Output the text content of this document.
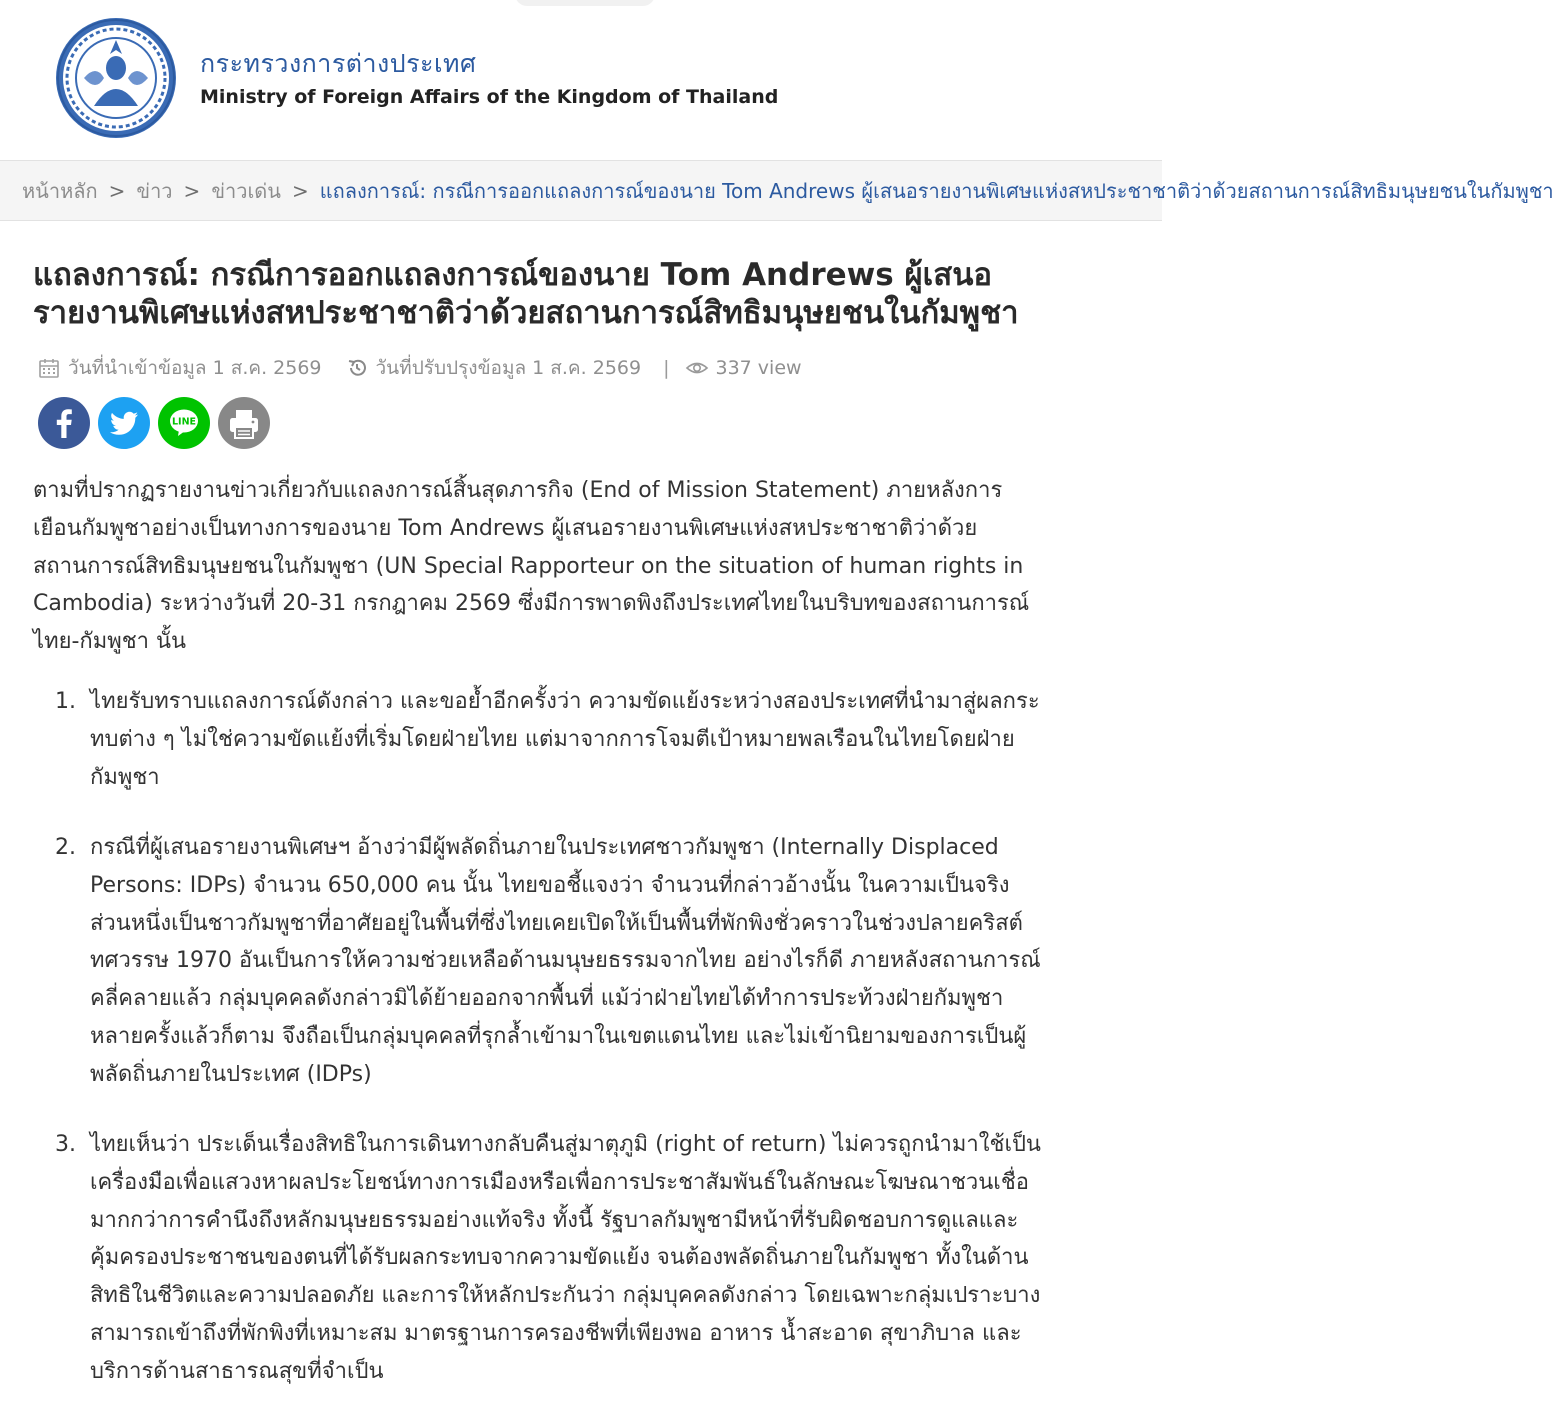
กระทรวงการต่างประเทศ
Ministry of Foreign Affairs of the Kingdom of Thailand
หน้าหลัก > ข่าว > ข่าวเด่น > แถลงการณ์: กรณีการออกแถลงการณ์ของนาย Tom Andrews ผู้เสนอรายงานพิเศษแห่งสหประชาชาติว่าด้วยสถานการณ์สิทธิมนุษยชนในกัมพูชา
แถลงการณ์: กรณีการออกแถลงการณ์ของนาย Tom Andrews ผู้เสนอ
รายงานพิเศษแห่งสหประชาชาติว่าด้วยสถานการณ์สิทธิมนุษยชนในกัมพูชา
วันที่นำเข้าข้อมูล 1 ส.ค. 2569	วันที่ปรับปรุงข้อมูล 1 ส.ค. 2569 | 337 view
LINE

ตามที่ปรากฏรายงานข่าวเกี่ยวกับแถลงการณ์สิ้นสุดภารกิจ (End of Mission Statement) ภายหลังการ

เยือนกัมพูชาอย่างเป็นทางการของนาย Tom Andrews ผู้เสนอรายงานพิเศษแห่งสหประชาชาติว่าด้วย

สถานการณ์สิทธิมนุษยชนในกัมพูชา (UN Special Rapporteur on the situation of human rights in

Cambodia) ระหว่างวันที่ 20-31 กรกฎาคม 2569 ซึ่งมีการพาดพิงถึงประเทศไทยในบริบทของสถานการณ์

ไทย-กัมพูชา นั้น

1. ไทยรับทราบแถลงการณ์ดังกล่าว และขอย้ำอีกครั้งว่า ความขัดแย้งระหว่างสองประเทศที่นำมาสู่ผลกระ
ทบต่าง ๆ ไม่ใช่ความขัดแย้งที่เริ่มโดยฝ่ายไทย แต่มาจากการโจมตีเป้าหมายพลเรือนในไทยโดยฝ่าย
กัมพูชา
2. กรณีที่ผู้เสนอรายงานพิเศษฯ อ้างว่ามีผู้พลัดถิ่นภายในประเทศชาวกัมพูชา (Internally Displaced
Persons: IDPs) จำนวน 650,000 คน นั้น ไทยขอชี้แจงว่า จำนวนที่กล่าวอ้างนั้น ในความเป็นจริง
ส่วนหนึ่งเป็นชาวกัมพูชาที่อาศัยอยู่ในพื้นที่ซึ่งไทยเคยเปิดให้เป็นพื้นที่พักพิงชั่วคราวในช่วงปลายคริสต์
ทศวรรษ 1970 อันเป็นการให้ความช่วยเหลือด้านมนุษยธรรมจากไทย อย่างไรก็ดี ภายหลังสถานการณ์
คลี่คลายแล้ว กลุ่มบุคคลดังกล่าวมิได้ย้ายออกจากพื้นที่ แม้ว่าฝ่ายไทยได้ทำการประท้วงฝ่ายกัมพูชา
หลายครั้งแล้วก็ตาม จึงถือเป็นกลุ่มบุคคลที่รุกล้ำเข้ามาในเขตแดนไทย และไม่เข้านิยามของการเป็นผู้
พลัดถิ่นภายในประเทศ (IDPs)
3. ไทยเห็นว่า ประเด็นเรื่องสิทธิในการเดินทางกลับคืนสู่มาตุภูมิ (right of return) ไม่ควรถูกนำมาใช้เป็น
เครื่องมือเพื่อแสวงหาผลประโยชน์ทางการเมืองหรือเพื่อการประชาสัมพันธ์ในลักษณะโฆษณาชวนเชื่อ
มากกว่าการคำนึงถึงหลักมนุษยธรรมอย่างแท้จริง ทั้งนี้ รัฐบาลกัมพูชามีหน้าที่รับผิดชอบการดูแลและ
คุ้มครองประชาชนของตนที่ได้รับผลกระทบจากความขัดแย้ง จนต้องพลัดถิ่นภายในกัมพูชา ทั้งในด้าน
สิทธิในชีวิตและความปลอดภัย และการให้หลักประกันว่า กลุ่มบุคคลดังกล่าว โดยเฉพาะกลุ่มเปราะบาง
สามารถเข้าถึงที่พักพิงที่เหมาะสม มาตรฐานการครองชีพที่เพียงพอ อาหาร น้ำสะอาด สุขาภิบาล และ
บริการด้านสาธารณสุขที่จำเป็น
